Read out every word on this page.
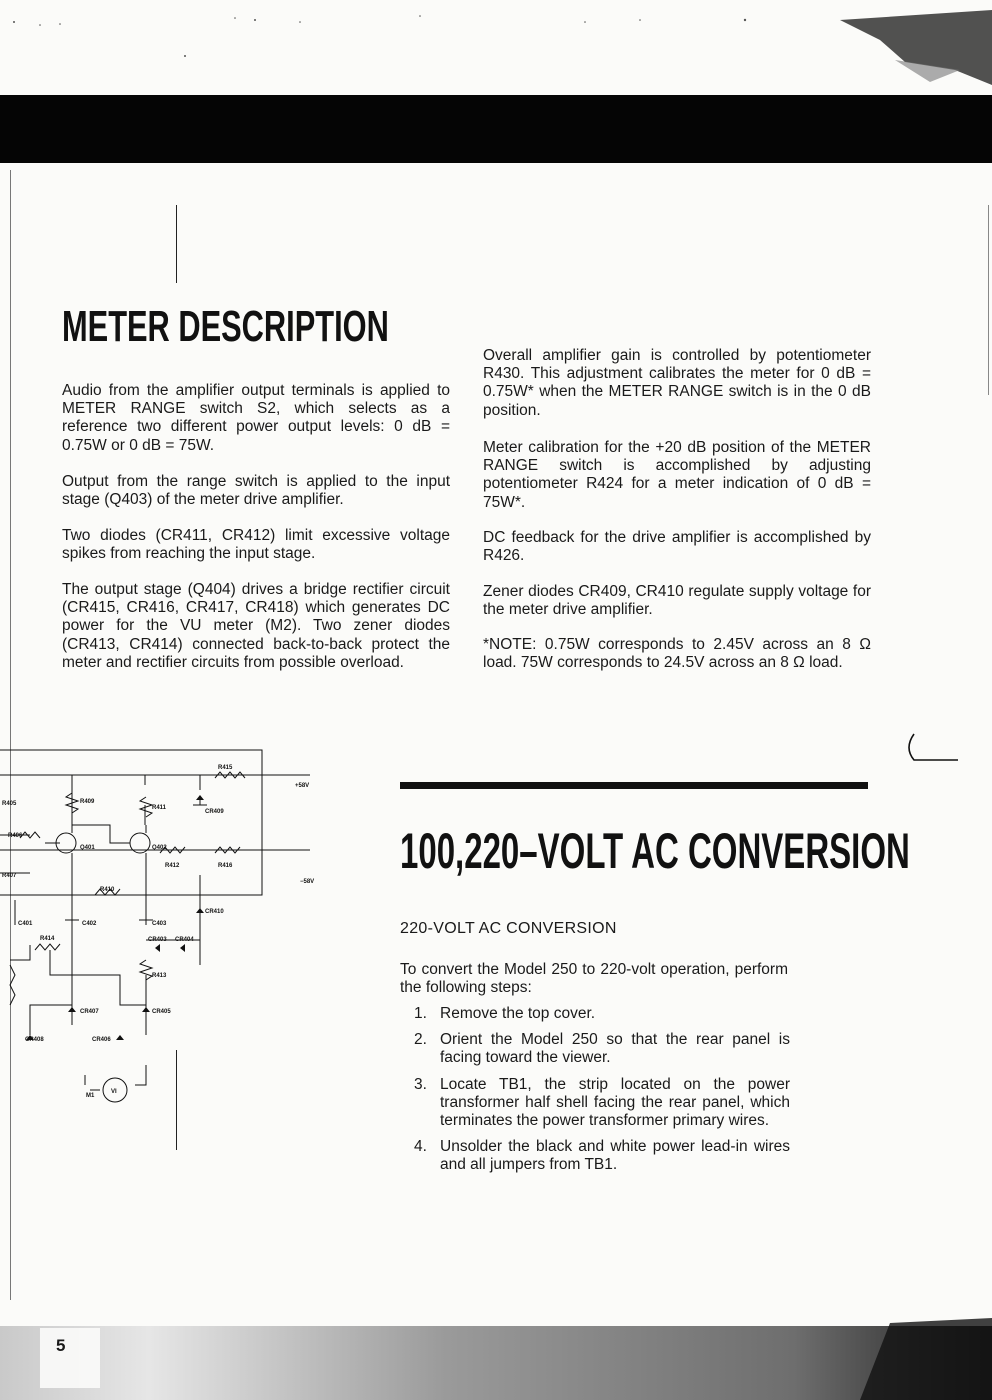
METER DESCRIPTION

Audio from the amplifier output terminals is applied to METER RANGE switch S2, which selects as a reference two different power output levels: 0 dB = 0.75W or 0 dB = 75W.

Output from the range switch is applied to the input stage (Q403) of the meter drive amplifier.

Two diodes (CR411, CR412) limit excessive voltage spikes from reaching the input stage.

The output stage (Q404) drives a bridge rectifier circuit (CR415, CR416, CR417, CR418) which generates DC power for the VU meter (M2). Two zener diodes (CR413, CR414) connected back-to-back protect the meter and rectifier circuits from possible overload.

Overall amplifier gain is controlled by potentiometer R430. This adjustment calibrates the meter for 0 dB = 0.75W* when the METER RANGE switch is in the 0 dB position.

Meter calibration for the +20 dB position of the METER RANGE switch is accomplished by adjusting potentiometer R424 for a meter indication of 0 dB = 75W*.

DC feedback for the drive amplifier is accomplished by R426.

Zener diodes CR409, CR410 regulate supply voltage for the meter drive amplifier.

*NOTE: 0.75W corresponds to 2.45V across an 8 Ω load. 75W corresponds to 24.5V across an 8 Ω load.

R415
+58V
R405	R409
R411
CR409
R406
Q401	Q402
R412	R416
R407
−58V
R410
CR410
C401	C402	C403
R414	CR403 CR404
R413
CR407	CR405
CR408	CR406
M1
VI
100,220–VOLT AC CONVERSION

220-VOLT AC CONVERSION

To convert the Model 250 to 220-volt operation, perform the following steps:

1. Remove the top cover.
2. Orient the Model 250 so that the rear panel is facing toward the viewer.
3. Locate TB1, the strip located on the power transformer half shell facing the rear panel, which terminates the power transformer primary wires.
4. Unsolder the black and white power lead-in wires and all jumpers from TB1.
5
